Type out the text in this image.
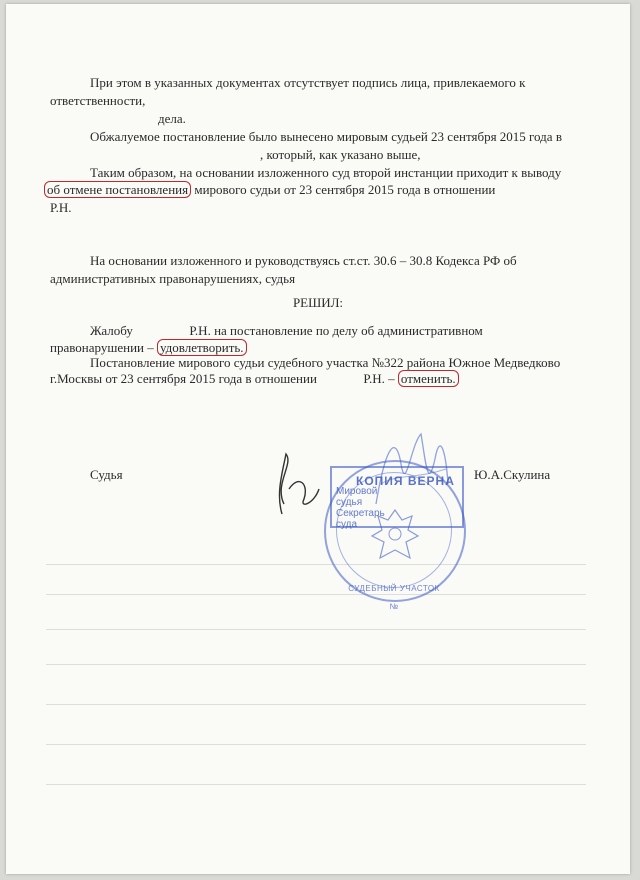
При этом в указанных документах отсутствует подпись лица, привлекаемого к
ответственности,
дела.
Обжалуемое постановление было вынесено мировым судьей 23 сентября 2015 года в
, который, как указано выше,
Таким образом, на основании изложенного суд второй инстанции приходит к выводу
об отмене постановления мирового судьи от 23 сентября 2015 года в отношении
Р.Н.
На основании изложенного и руководствуясь ст.ст. 30.6 – 30.8 Кодекса РФ об
административных правонарушениях, судья
РЕШИЛ:
Жалобу	Р.Н. на постановление по делу об административном
правонарушении – удовлетворить.
Постановление мирового судьи судебного участка №322 района Южное Медведково
г.Москвы от 23 сентября 2015 года в отношении	Р.Н. – отменить.
Судья	Ю.А.Скулина
КОПИЯ ВЕРНА
Мировой
судья
Секретарь
суда
СУДЕБНЫЙ УЧАСТОК №
